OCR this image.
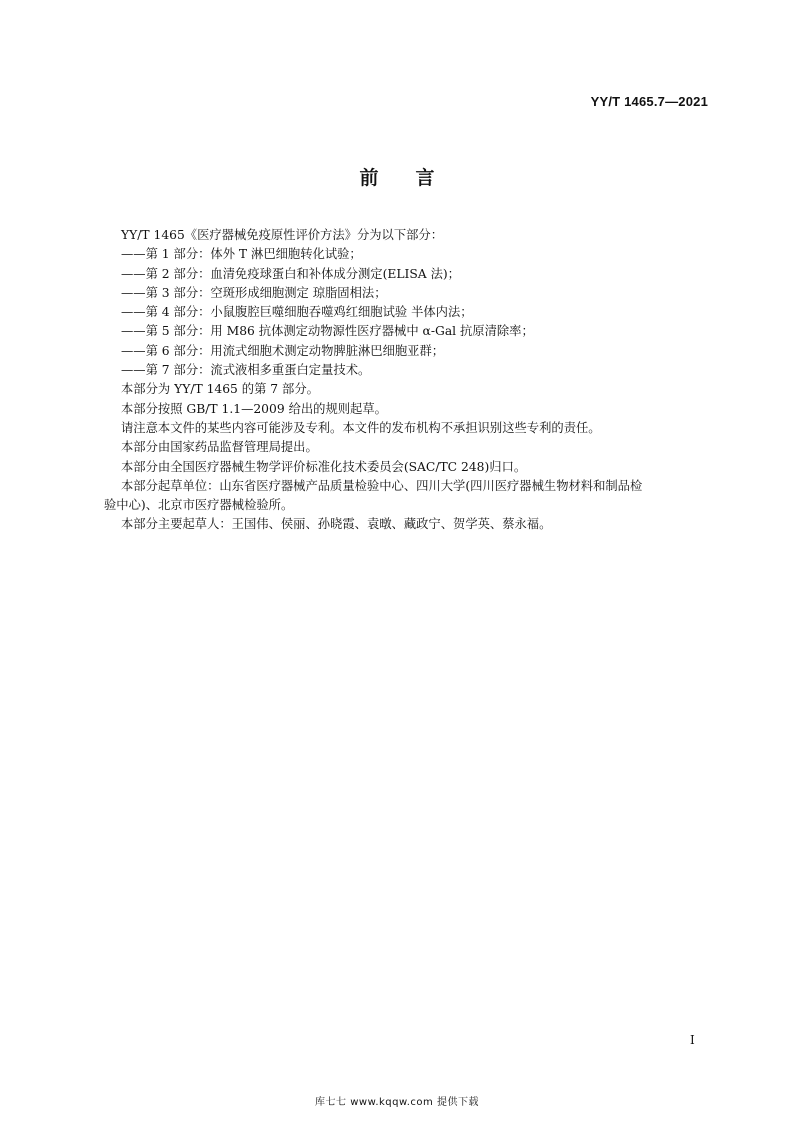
YY/T 1465.7—2021
前 言

YY/T 1465《医疗器械免疫原性评价方法》分为以下部分：

——第 1 部分：体外 T 淋巴细胞转化试验；

——第 2 部分：血清免疫球蛋白和补体成分测定(ELISA 法)；

——第 3 部分：空斑形成细胞测定 琼脂固相法；

——第 4 部分：小鼠腹腔巨噬细胞吞噬鸡红细胞试验 半体内法；

——第 5 部分：用 M86 抗体测定动物源性医疗器械中 α-Gal 抗原清除率；

——第 6 部分：用流式细胞术测定动物脾脏淋巴细胞亚群；

——第 7 部分：流式液相多重蛋白定量技术。

本部分为 YY/T 1465 的第 7 部分。

本部分按照 GB/T 1.1—2009 给出的规则起草。

请注意本文件的某些内容可能涉及专利。本文件的发布机构不承担识别这些专利的责任。

本部分由国家药品监督管理局提出。

本部分由全国医疗器械生物学评价标准化技术委员会(SAC/TC 248)归口。

本部分起草单位：山东省医疗器械产品质量检验中心、四川大学(四川医疗器械生物材料和制品检

验中心)、北京市医疗器械检验所。

本部分主要起草人：王国伟、侯丽、孙晓霞、袁暾、藏政宁、贺学英、蔡永福。

I
库七七 www.kqqw.com 提供下载
